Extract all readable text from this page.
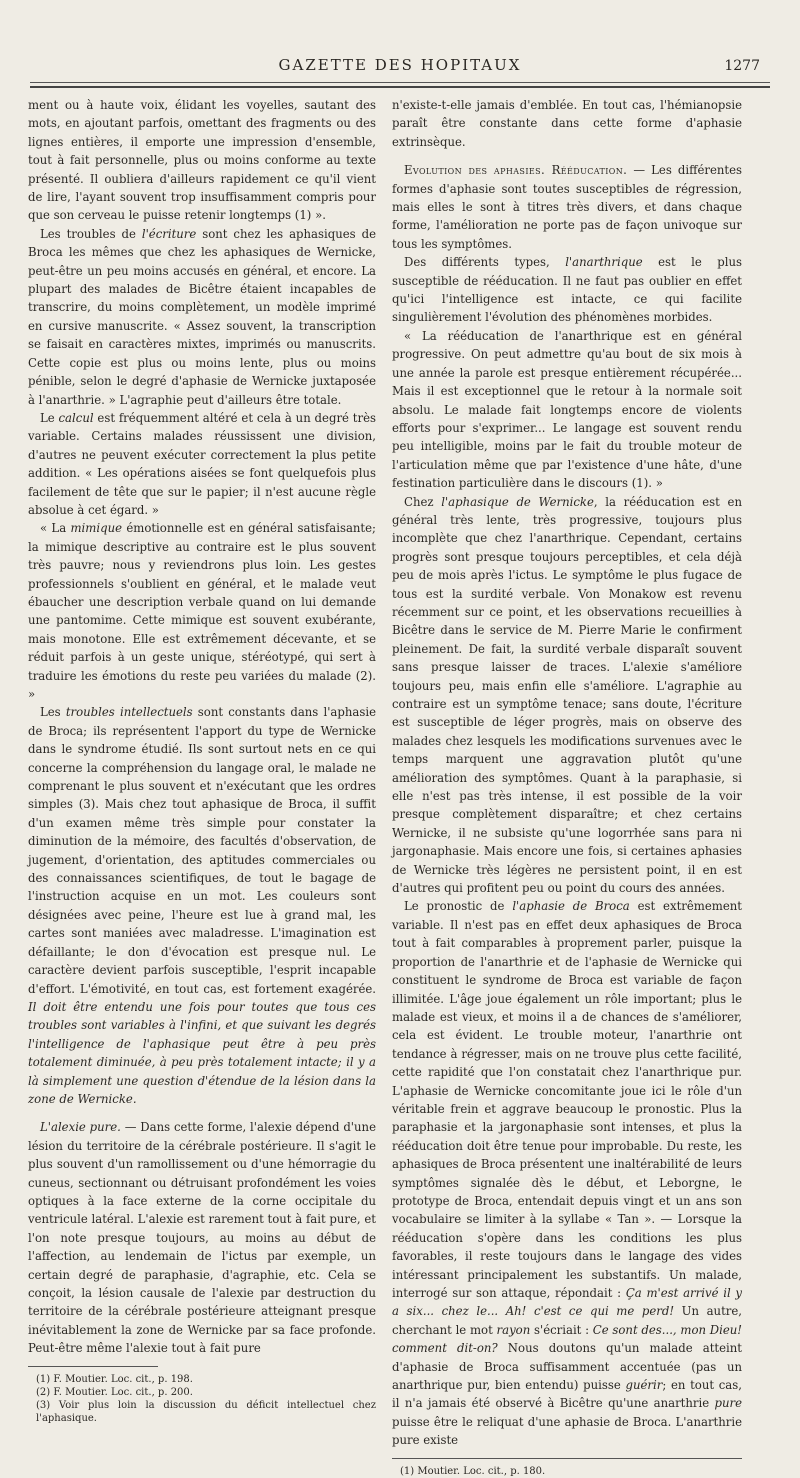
GAZETTE DES HOPITAUX	1277

ment ou à haute voix, élidant les voyelles, sautant des mots, en ajoutant parfois, omettant des fragments ou des lignes entières, il emporte une impression d'ensemble, tout à fait personnelle, plus ou moins conforme au texte présenté. Il oubliera d'ailleurs rapidement ce qu'il vient de lire, l'ayant souvent trop insuffisamment compris pour que son cerveau le puisse retenir longtemps (1) ».

Les troubles de l'écriture sont chez les aphasiques de Broca les mêmes que chez les aphasiques de Wernicke, peut-être un peu moins accusés en général, et encore. La plupart des malades de Bicêtre étaient incapables de transcrire, du moins complètement, un modèle imprimé en cursive manuscrite. « Assez souvent, la transcription se faisait en caractères mixtes, imprimés ou manuscrits. Cette copie est plus ou moins lente, plus ou moins pénible, selon le degré d'aphasie de Wernicke juxtaposée à l'anarthrie. » L'agraphie peut d'ailleurs être totale.

Le calcul est fréquemment altéré et cela à un degré très variable. Certains malades réussissent une division, d'autres ne peuvent exécuter correctement la plus petite addition. « Les opérations aisées se font quelquefois plus facilement de tête que sur le papier; il n'est aucune règle absolue à cet égard. »

« La mimique émotionnelle est en général satisfaisante; la mimique descriptive au contraire est le plus souvent très pauvre; nous y reviendrons plus loin. Les gestes professionnels s'oublient en général, et le malade veut ébaucher une description verbale quand on lui demande une pantomime. Cette mimique est souvent exubérante, mais monotone. Elle est extrêmement décevante, et se réduit parfois à un geste unique, stéréotypé, qui sert à traduire les émotions du reste peu variées du malade (2). »

Les troubles intellectuels sont constants dans l'aphasie de Broca; ils représentent l'apport du type de Wernicke dans le syndrome étudié. Ils sont surtout nets en ce qui concerne la compréhension du langage oral, le malade ne comprenant le plus souvent et n'exécutant que les ordres simples (3). Mais chez tout aphasique de Broca, il suffit d'un examen même très simple pour constater la diminution de la mémoire, des facultés d'observation, de jugement, d'orientation, des aptitudes commerciales ou des connaissances scientifiques, de tout le bagage de l'instruction acquise en un mot. Les couleurs sont désignées avec peine, l'heure est lue à grand mal, les cartes sont maniées avec maladresse. L'imagination est défaillante; le don d'évocation est presque nul. Le caractère devient parfois susceptible, l'esprit incapable d'effort. L'émotivité, en tout cas, est fortement exagérée. Il doit être entendu une fois pour toutes que tous ces troubles sont variables à l'infini, et que suivant les degrés l'intelligence de l'aphasique peut être à peu près totalement diminuée, à peu près totalement intacte; il y a là simplement une question d'étendue de la lésion dans la zone de Wernicke.

L'alexie pure. — Dans cette forme, l'alexie dépend d'une lésion du territoire de la cérébrale postérieure. Il s'agit le plus souvent d'un ramollissement ou d'une hémorragie du cuneus, sectionnant ou détruisant profondément les voies optiques à la face externe de la corne occipitale du ventricule latéral. L'alexie est rarement tout à fait pure, et l'on note presque toujours, au moins au début de l'affection, au lendemain de l'ictus par exemple, un certain degré de paraphasie, d'agraphie, etc. Cela se conçoit, la lésion causale de l'alexie par destruction du territoire de la cérébrale postérieure atteignant presque inévitablement la zone de Wernicke par sa face profonde. Peut-être même l'alexie tout à fait pure

(1) F. Moutier. Loc. cit., p. 198.

(2) F. Moutier. Loc. cit., p. 200.

(3) Voir plus loin la discussion du déficit intellectuel chez l'aphasique.

n'existe-t-elle jamais d'emblée. En tout cas, l'hémianopsie paraît être constante dans cette forme d'aphasie extrinsèque.

Evolution des aphasies. Rééducation. — Les différentes formes d'aphasie sont toutes susceptibles de régression, mais elles le sont à titres très divers, et dans chaque forme, l'amélioration ne porte pas de façon univoque sur tous les symptômes.

Des différents types, l'anarthrique est le plus susceptible de rééducation. Il ne faut pas oublier en effet qu'ici l'intelligence est intacte, ce qui facilite singulièrement l'évolution des phénomènes morbides.

« La rééducation de l'anarthrique est en général progressive. On peut admettre qu'au bout de six mois à une année la parole est presque entièrement récupérée... Mais il est exceptionnel que le retour à la normale soit absolu. Le malade fait longtemps encore de violents efforts pour s'exprimer... Le langage est souvent rendu peu intelligible, moins par le fait du trouble moteur de l'articulation même que par l'existence d'une hâte, d'une festination particulière dans le discours (1). »

Chez l'aphasique de Wernicke, la rééducation est en général très lente, très progressive, toujours plus incomplète que chez l'anarthrique. Cependant, certains progrès sont presque toujours perceptibles, et cela déjà peu de mois après l'ictus. Le symptôme le plus fugace de tous est la surdité verbale. Von Monakow est revenu récemment sur ce point, et les observations recueillies à Bicêtre dans le service de M. Pierre Marie le confirment pleinement. De fait, la surdité verbale disparaît souvent sans presque laisser de traces. L'alexie s'améliore toujours peu, mais enfin elle s'améliore. L'agraphie au contraire est un symptôme tenace; sans doute, l'écriture est susceptible de léger progrès, mais on observe des malades chez lesquels les modifications survenues avec le temps marquent une aggravation plutôt qu'une amélioration des symptômes. Quant à la paraphasie, si elle n'est pas très intense, il est possible de la voir presque complètement disparaître; et chez certains Wernicke, il ne subsiste qu'une logorrhée sans para ni jargonaphasie. Mais encore une fois, si certaines aphasies de Wernicke très légères ne persistent point, il en est d'autres qui profitent peu ou point du cours des années.

Le pronostic de l'aphasie de Broca est extrêmement variable. Il n'est pas en effet deux aphasiques de Broca tout à fait comparables à proprement parler, puisque la proportion de l'anarthrie et de l'aphasie de Wernicke qui constituent le syndrome de Broca est variable de façon illimitée. L'âge joue également un rôle important; plus le malade est vieux, et moins il a de chances de s'améliorer, cela est évident. Le trouble moteur, l'anarthrie ont tendance à régresser, mais on ne trouve plus cette facilité, cette rapidité que l'on constatait chez l'anarthrique pur. L'aphasie de Wernicke concomitante joue ici le rôle d'un véritable frein et aggrave beaucoup le pronostic. Plus la paraphasie et la jargonaphasie sont intenses, et plus la rééducation doit être tenue pour improbable. Du reste, les aphasiques de Broca présentent une inaltérabilité de leurs symptômes signalée dès le début, et Leborgne, le prototype de Broca, entendait depuis vingt et un ans son vocabulaire se limiter à la syllabe « Tan ». — Lorsque la rééducation s'opère dans les conditions les plus favorables, il reste toujours dans le langage des vides intéressant principalement les substantifs. Un malade, interrogé sur son attaque, répondait : Ça m'est arrivé il y a six... chez le... Ah! c'est ce qui me perd! Un autre, cherchant le mot rayon s'écriait : Ce sont des..., mon Dieu! comment dit-on? Nous doutons qu'un malade atteint d'aphasie de Broca suffisamment accentuée (pas un anarthrique pur, bien entendu) puisse guérir; en tout cas, il n'a jamais été observé à Bicêtre qu'une anarthrie pure puisse être le reliquat d'une aphasie de Broca. L'anarthrie pure existe

(1) Moutier. Loc. cit., p. 180.
